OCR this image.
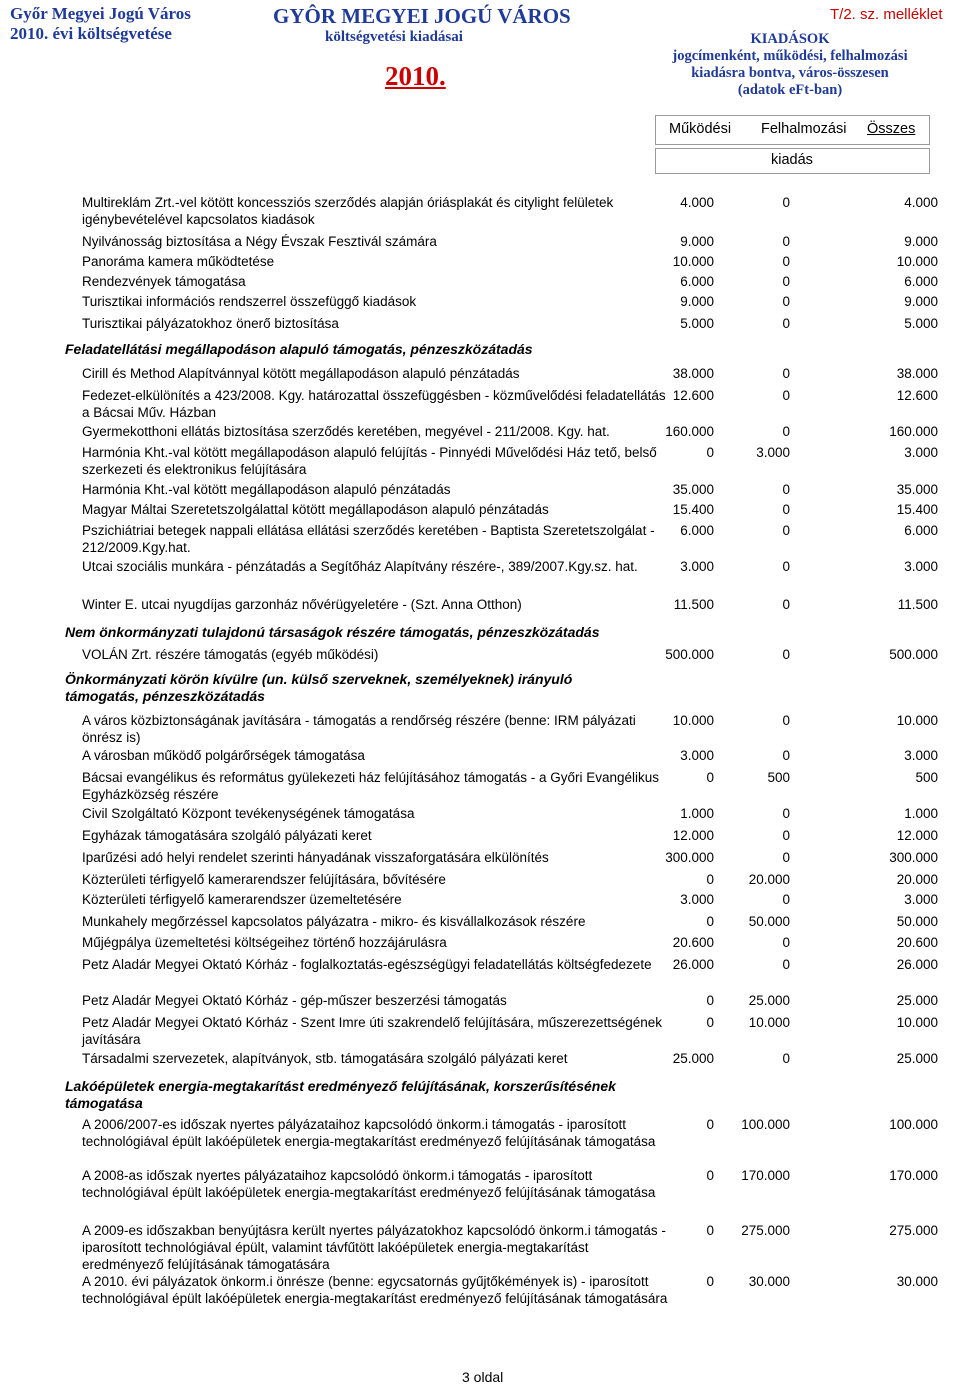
Győr Megyei Jogú Város
2010. évi költségvetése
GYÔR MEGYEI JOGÚ VÁROS
költségvetési kiadásai
2010.
T/2. sz. melléklet
KIADÁSOK
jogcímenként, működési, felhalmozási
kiadásra bontva, város-összesen
(adatok eFt-ban)
Működési Felhalmozási Összes
kiadás
Multireklám Zrt.-vel kötött koncessziós szerződés alapján óriásplakát és citylight felületek igénybevételével kapcsolatos kiadások
4.000	0	4.000
Nyilvánosság biztosítása a Négy Évszak Fesztivál számára	9.000	0	9.000
Panoráma kamera működtetése	10.000	0	10.000
Rendezvények támogatása	6.000	0	6.000
Turisztikai információs rendszerrel összefüggő kiadások	9.000	0	9.000
Turisztikai pályázatokhoz önerő biztosítása	5.000	0	5.000
Feladatellátási megállapodáson alapuló támogatás, pénzeszközátadás
Cirill és Method Alapítvánnyal kötött megállapodáson alapuló pénzátadás	38.000	0	38.000
Fedezet-elkülönítés a 423/2008. Kgy. határozattal összefüggésben - közművelődési feladatellátás a Bácsai Műv. Házban
12.600	0	12.600
Gyermekotthoni ellátás biztosítása szerződés keretében, megyével - 211/2008. Kgy. hat.	160.000	0	160.000
Harmónia Kht.-val kötött megállapodáson alapuló felújítás - Pinnyédi Művelődési Ház tető, belső szerkezeti és elektronikus felújítására
0	3.000	3.000
Harmónia Kht.-val kötött megállapodáson alapuló pénzátadás	35.000	0	35.000
Magyar Máltai Szeretetszolgálattal kötött megállapodáson alapuló pénzátadás	15.400	0	15.400
Pszichiátriai betegek nappali ellátása ellátási szerződés keretében - Baptista Szeretetszolgálat - 212/2009.Kgy.hat.
6.000	0	6.000
Utcai szociális munkára - pénzátadás a Segítőház Alapítvány részére-, 389/2007.Kgy.sz. hat.	3.000	0	3.000
Winter E. utcai nyugdíjas garzonház nővérügyeletére - (Szt. Anna Otthon)	11.500	0	11.500
Nem önkormányzati tulajdonú társaságok részére támogatás, pénzeszközátadás
VOLÁN Zrt. részére támogatás (egyéb működési)	500.000	0	500.000
Önkormányzati körön kívülre (un. külső szerveknek, személyeknek) irányuló támogatás, pénzeszközátadás
A város közbiztonságának javítására - támogatás a rendőrség részére (benne: IRM pályázati önrész is)
10.000	0	10.000
A városban működő polgárőrségek támogatása	3.000	0	3.000
Bácsai evangélikus és református gyülekezeti ház felújításához támogatás - a Győri Evangélikus Egyházközség részére
0	500	500
Civil Szolgáltató Központ tevékenységének támogatása	1.000	0	1.000
Egyházak támogatására szolgáló pályázati keret	12.000	0	12.000
Iparűzési adó helyi rendelet szerinti hányadának visszaforgatására elkülönítés	300.000	0	300.000
Közterületi térfigyelő kamerarendszer felújítására, bővítésére	0	20.000	20.000
Közterületi térfigyelő kamerarendszer üzemeltetésére	3.000	0	3.000
Munkahely megőrzéssel kapcsolatos pályázatra - mikro- és kisvállalkozások részére	0	50.000	50.000
Műjégpálya üzemeltetési költségeihez történő hozzájárulásra	20.600	0	20.600
Petz Aladár Megyei Oktató Kórház - foglalkoztatás-egészségügyi feladatellátás költségfedezete	26.000	0	26.000
Petz Aladár Megyei Oktató Kórház - gép-műszer beszerzési támogatás	0	25.000	25.000
Petz Aladár Megyei Oktató Kórház - Szent Imre úti szakrendelő felújítására, műszerezettségének javítására
0	10.000	10.000
Társadalmi szervezetek, alapítványok, stb. támogatására szolgáló pályázati keret	25.000	0	25.000
Lakóépületek energia-megtakarítást eredményező felújításának, korszerűsítésének támogatása
A 2006/2007-es időszak nyertes pályázataihoz kapcsolódó önkorm.i támogatás - iparosított technológiával épült lakóépületek energia-megtakarítást eredményező felújításának támogatása
0 100.000	100.000
A 2008-as időszak nyertes pályázataihoz kapcsolódó önkorm.i támogatás - iparosított technológiával épült lakóépületek energia-megtakarítást eredményező felújításának támogatása
0 170.000	170.000
A 2009-es időszakban benyújtásra került nyertes pályázatokhoz kapcsolódó önkorm.i támogatás - iparosított technológiával épült, valamint távfűtött lakóépületek energia-megtakarítást eredményező felújításának támogatására
0 275.000	275.000
A 2010. évi pályázatok önkorm.i önrésze (benne: egycsatornás gyűjtőkémények is) - iparosított technológiával épült lakóépületek energia-megtakarítást eredményező felújításának támogatására
0	30.000	30.000
3 oldal
